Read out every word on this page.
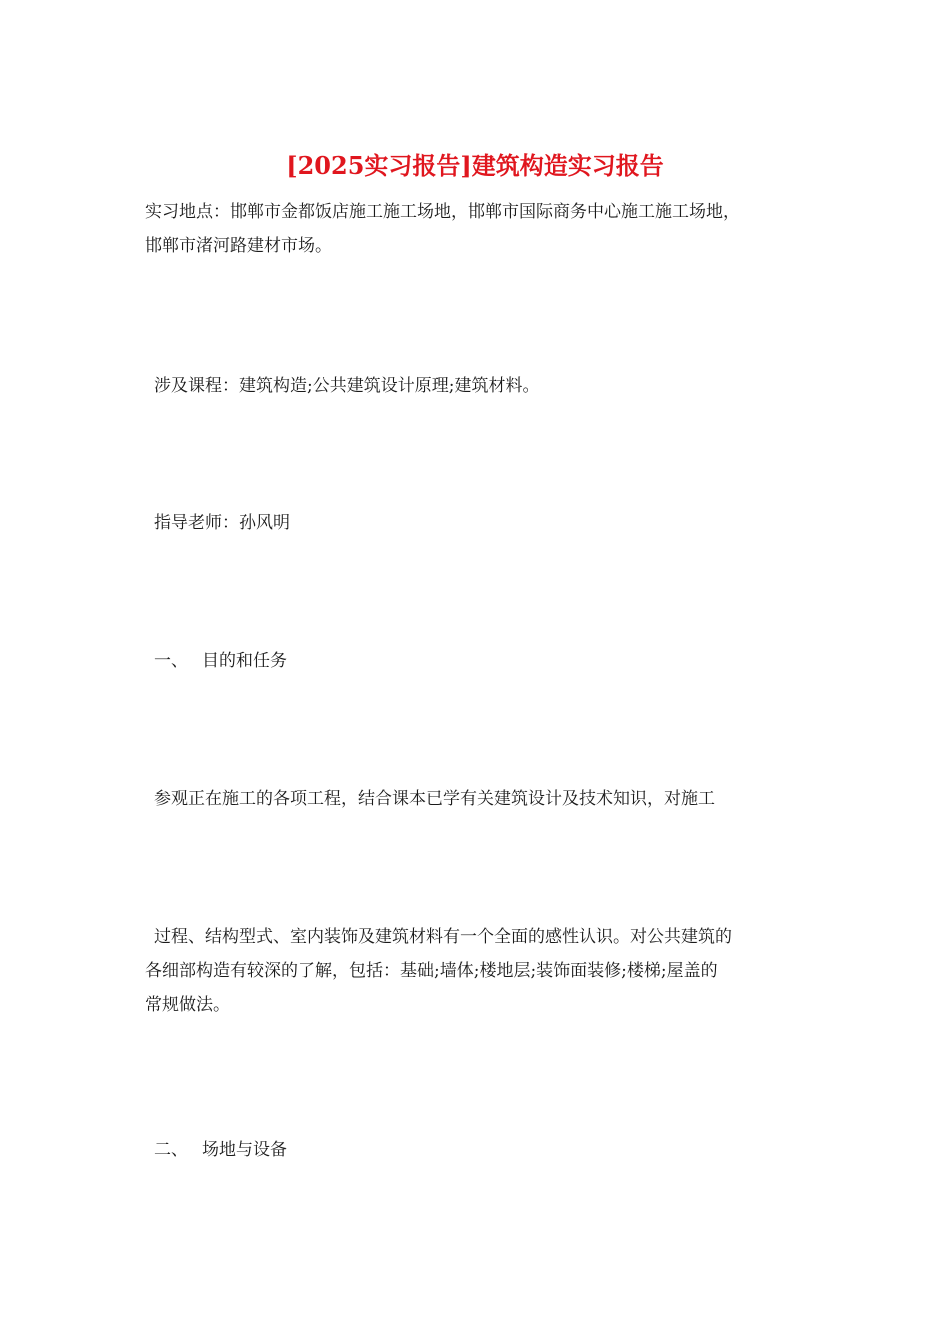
[2025实习报告]建筑构造实习报告
实习地点：邯郸市金都饭店施工施工场地，邯郸市国际商务中心施工施工场地，
邯郸市渚河路建材市场。
涉及课程：建筑构造;公共建筑设计原理;建筑材料。
指导老师：孙风明
一、 目的和任务
参观正在施工的各项工程，结合课本已学有关建筑设计及技术知识，对施工
过程、结构型式、室内装饰及建筑材料有一个全面的感性认识。对公共建筑的
各细部构造有较深的了解，包括：基础;墙体;楼地层;装饰面装修;楼梯;屋盖的
常规做法。
二、 场地与设备
